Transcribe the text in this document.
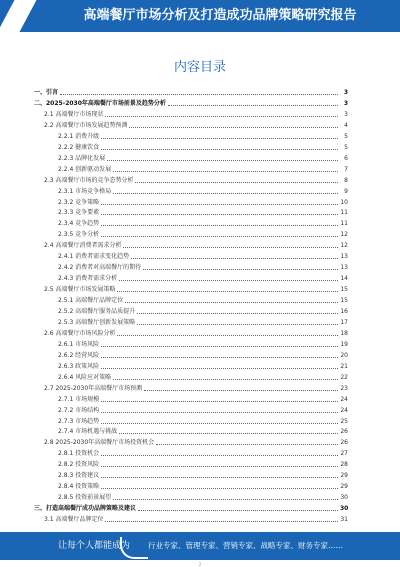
高端餐厅市场分析及打造成功品牌策略研究报告
内容目录
一、引言	3
二、2025-2030年高端餐厅市场前景及趋势分析	3
2.1 高端餐厅市场现状	3
2.2 高端餐厅市场发展趋势预测	4
2.2.1 消费升级	5
2.2.2 健康饮食	5
2.2.3 品牌化发展	6
2.2.4 创新驱动发展	7
2.3 高端餐厅市场的竞争态势分析	8
2.3.1 市场竞争格局	9
2.3.2 竞争策略	10
2.3.3 竞争要素	11
2.3.4 竞争趋势	11
2.3.5 竞争分析	12
2.4 高端餐厅消费者需求分析	12
2.4.1 消费者需求变化趋势	13
2.4.2 消费者对高端餐厅的期待	13
2.4.3 消费者需求分析	14
2.5 高端餐厅市场发展策略	15
2.5.1 高端餐厅品牌定位	15
2.5.2 高端餐厅服务品质提升	16
2.5.3 高端餐厅创新发展策略	17
2.6 高端餐厅市场风险分析	18
2.6.1 市场风险	19
2.6.2 经营风险	20
2.6.3 政策风险	21
2.6.4 风险应对策略	22
2.7 2025-2030年高端餐厅市场预测	23
2.7.1 市场规模	24
2.7.2 市场结构	24
2.7.3 市场趋势	25
2.7.4 市场机遇与挑战	26
2.8 2025-2030年高端餐厅市场投资机会	26
2.8.1 投资机会	27
2.8.2 投资风险	28
2.8.3 投资建议	29
2.8.4 投资策略	29
2.8.5 投资前景展望	30
三、打造高端餐厅成功品牌策略及建议	30
3.1 高端餐厅品牌定位	31
让每个人都能成为 行业专家、管理专家、营销专家、战略专家、财务专家……
2
